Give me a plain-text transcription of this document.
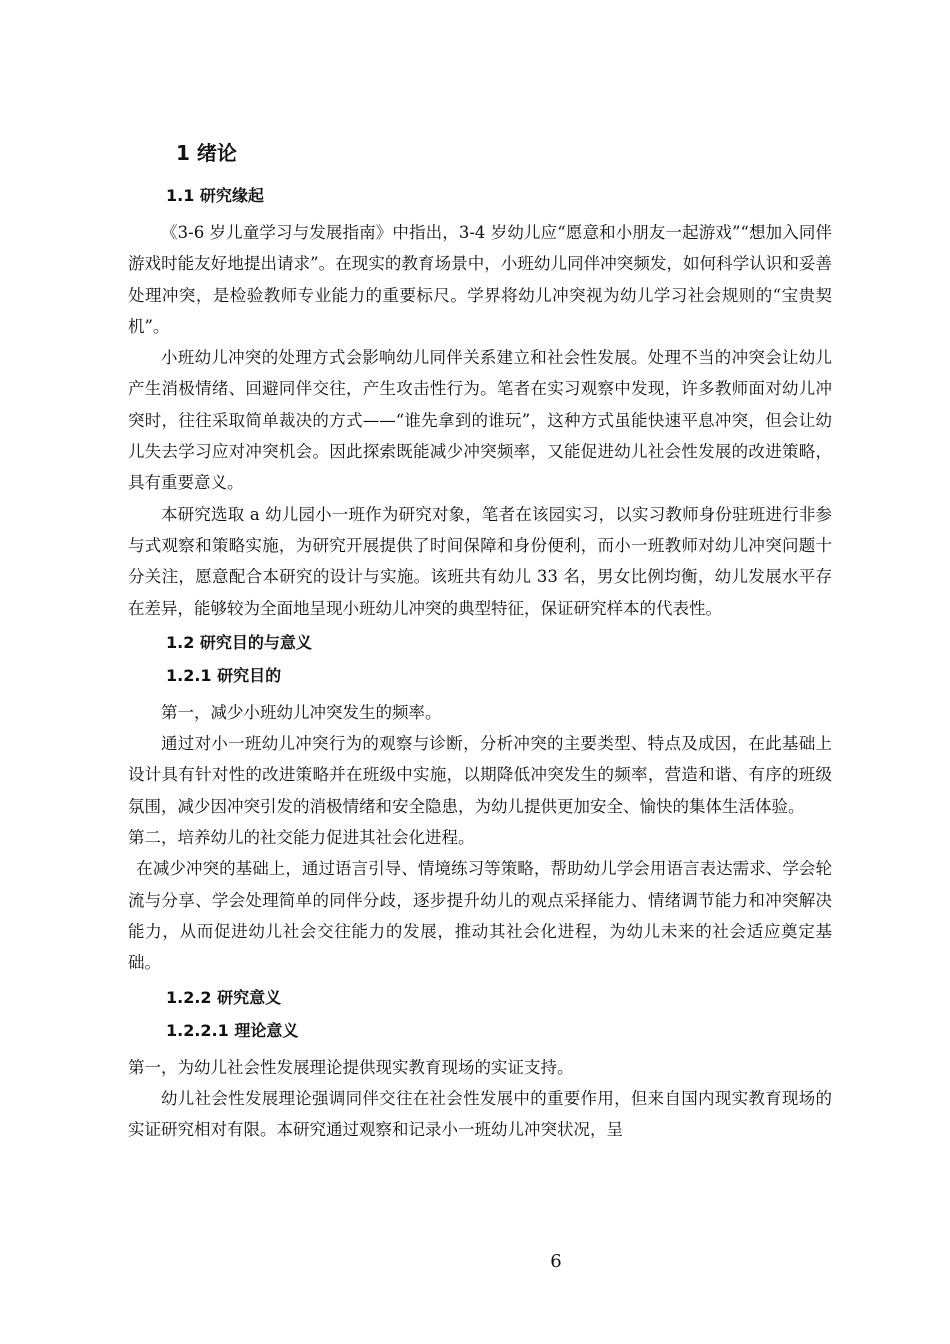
1 绪论
1.1 研究缘起

《3-6 岁儿童学习与发展指南》中指出，3-4 岁幼儿应“愿意和小朋友一起游戏”“想加入同伴游戏时能友好地提出请求”。在现实的教育场景中，小班幼儿同伴冲突频发，如何科学认识和妥善处理冲突，是检验教师专业能力的重要标尺。学界将幼儿冲突视为幼儿学习社会规则的“宝贵契机”。

小班幼儿冲突的处理方式会影响幼儿同伴关系建立和社会性发展。处理不当的冲突会让幼儿产生消极情绪、回避同伴交往，产生攻击性行为。笔者在实习观察中发现，许多教师面对幼儿冲突时，往往采取简单裁决的方式——“谁先拿到的谁玩”，这种方式虽能快速平息冲突，但会让幼儿失去学习应对冲突机会。因此探索既能减少冲突频率，又能促进幼儿社会性发展的改进策略，具有重要意义。

本研究选取 a 幼儿园小一班作为研究对象，笔者在该园实习，以实习教师身份驻班进行非参与式观察和策略实施，为研究开展提供了时间保障和身份便利，而小一班教师对幼儿冲突问题十分关注，愿意配合本研究的设计与实施。该班共有幼儿 33 名，男女比例均衡，幼儿发展水平存在差异，能够较为全面地呈现小班幼儿冲突的典型特征，保证研究样本的代表性。

1.2 研究目的与意义
1.2.1 研究目的

第一，减少小班幼儿冲突发生的频率。

通过对小一班幼儿冲突行为的观察与诊断，分析冲突的主要类型、特点及成因，在此基础上设计具有针对性的改进策略并在班级中实施，以期降低冲突发生的频率，营造和谐、有序的班级氛围，减少因冲突引发的消极情绪和安全隐患，为幼儿提供更加安全、愉快的集体生活体验。

第二，培养幼儿的社交能力促进其社会化进程。

在减少冲突的基础上，通过语言引导、情境练习等策略，帮助幼儿学会用语言表达需求、学会轮流与分享、学会处理简单的同伴分歧，逐步提升幼儿的观点采择能力、情绪调节能力和冲突解决能力，从而促进幼儿社会交往能力的发展，推动其社会化进程，为幼儿未来的社会适应奠定基础。

1.2.2 研究意义
1.2.2.1 理论意义

第一，为幼儿社会性发展理论提供现实教育现场的实证支持。

幼儿社会性发展理论强调同伴交往在社会性发展中的重要作用，但来自国内现实教育现场的实证研究相对有限。本研究通过观察和记录小一班幼儿冲突状况，呈

6
